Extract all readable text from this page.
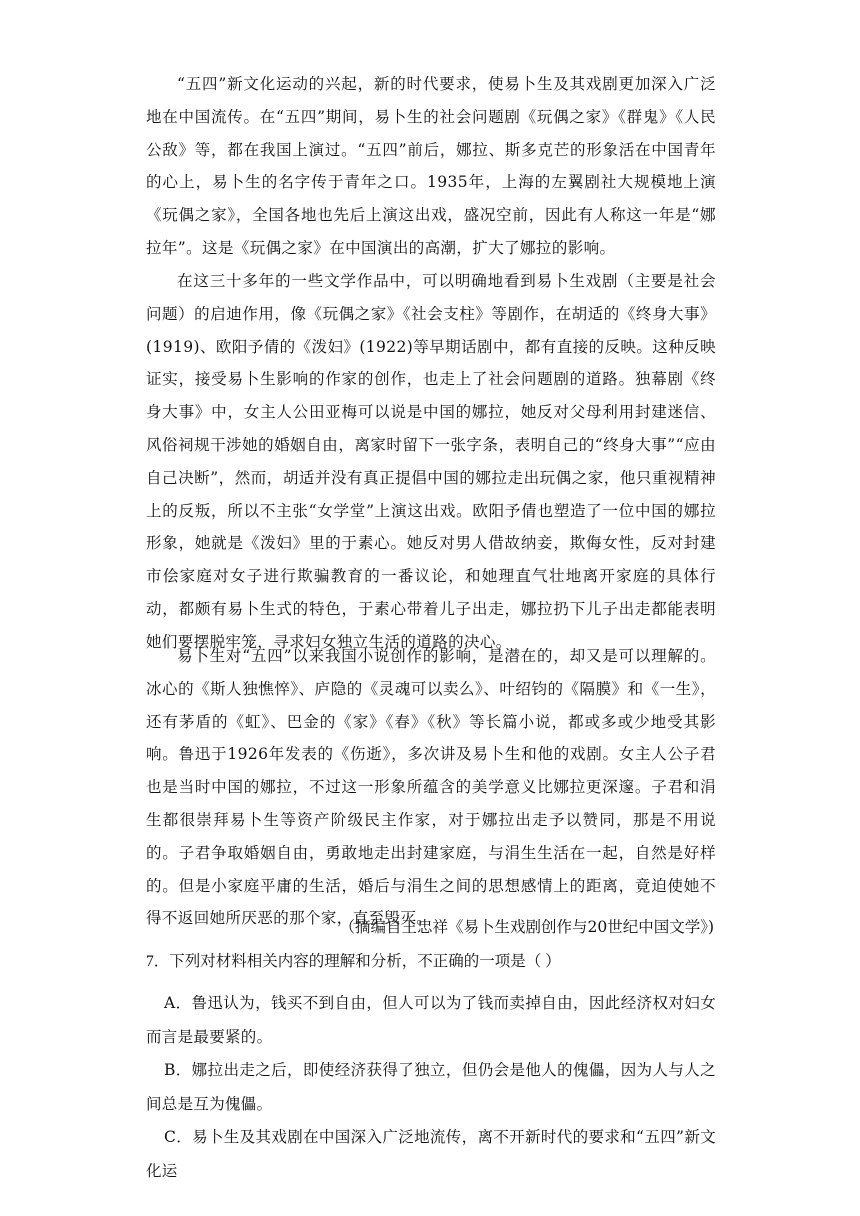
“五四”新文化运动的兴起，新的时代要求，使易卜生及其戏剧更加深入广泛地在中国流传。在“五四”期间，易卜生的社会问题剧《玩偶之家》《群鬼》《人民公敌》等，都在我国上演过。“五四”前后，娜拉、斯多克芒的形象活在中国青年的心上，易卜生的名字传于青年之口。1935年，上海的左翼剧社大规模地上演《玩偶之家》，全国各地也先后上演这出戏，盛况空前，因此有人称这一年是“娜拉年”。这是《玩偶之家》在中国演出的高潮，扩大了娜拉的影响。

在这三十多年的一些文学作品中，可以明确地看到易卜生戏剧（主要是社会问题）的启迪作用，像《玩偶之家》《社会支柱》等剧作，在胡适的《终身大事》(1919)、欧阳予倩的《泼妇》(1922)等早期话剧中，都有直接的反映。这种反映证实，接受易卜生影响的作家的创作，也走上了社会问题剧的道路。独幕剧《终身大事》中，女主人公田亚梅可以说是中国的娜拉，她反对父母利用封建迷信、风俗祠规干涉她的婚姻自由，离家时留下一张字条，表明自己的“终身大事”“应由自己决断”，然而，胡适并没有真正提倡中国的娜拉走出玩偶之家，他只重视精神上的反叛，所以不主张“女学堂”上演这出戏。欧阳予倩也塑造了一位中国的娜拉形象，她就是《泼妇》里的于素心。她反对男人借故纳妾，欺侮女性，反对封建市侩家庭对女子进行欺骗教育的一番议论，和她理直气壮地离开家庭的具体行动，都颇有易卜生式的特色，于素心带着儿子出走，娜拉扔下儿子出走都能表明她们要摆脱牢笼，寻求妇女独立生活的道路的决心。

易卜生对“五四”以来我国小说创作的影响，是潜在的，却又是可以理解的。冰心的《斯人独憔悴》、庐隐的《灵魂可以卖么》、叶绍钧的《隔膜》和《一生》，还有茅盾的《虹》、巴金的《家》《春》《秋》等长篇小说，都或多或少地受其影响。鲁迅于1926年发表的《伤逝》，多次讲及易卜生和他的戏剧。女主人公子君也是当时中国的娜拉，不过这一形象所蕴含的美学意义比娜拉更深邃。子君和涓生都很崇拜易卜生等资产阶级民主作家，对于娜拉出走予以赞同，那是不用说的。子君争取婚姻自由，勇敢地走出封建家庭，与涓生生活在一起，自然是好样的。但是小家庭平庸的生活，婚后与涓生之间的思想感情上的距离，竟迫使她不得不返回她所厌恶的那个家，直至毁灭。

（摘编自王忠祥《易卜生戏剧创作与20世纪中国文学》)
7．下列对材料相关内容的理解和分析，不正确的一项是（ ）
A．鲁迅认为，钱买不到自由，但人可以为了钱而卖掉自由，因此经济权对妇女而言是最要紧的。
B．娜拉出走之后，即使经济获得了独立，但仍会是他人的傀儡，因为人与人之间总是互为傀儡。
C．易卜生及其戏剧在中国深入广泛地流传，离不开新时代的要求和“五四”新文化运
